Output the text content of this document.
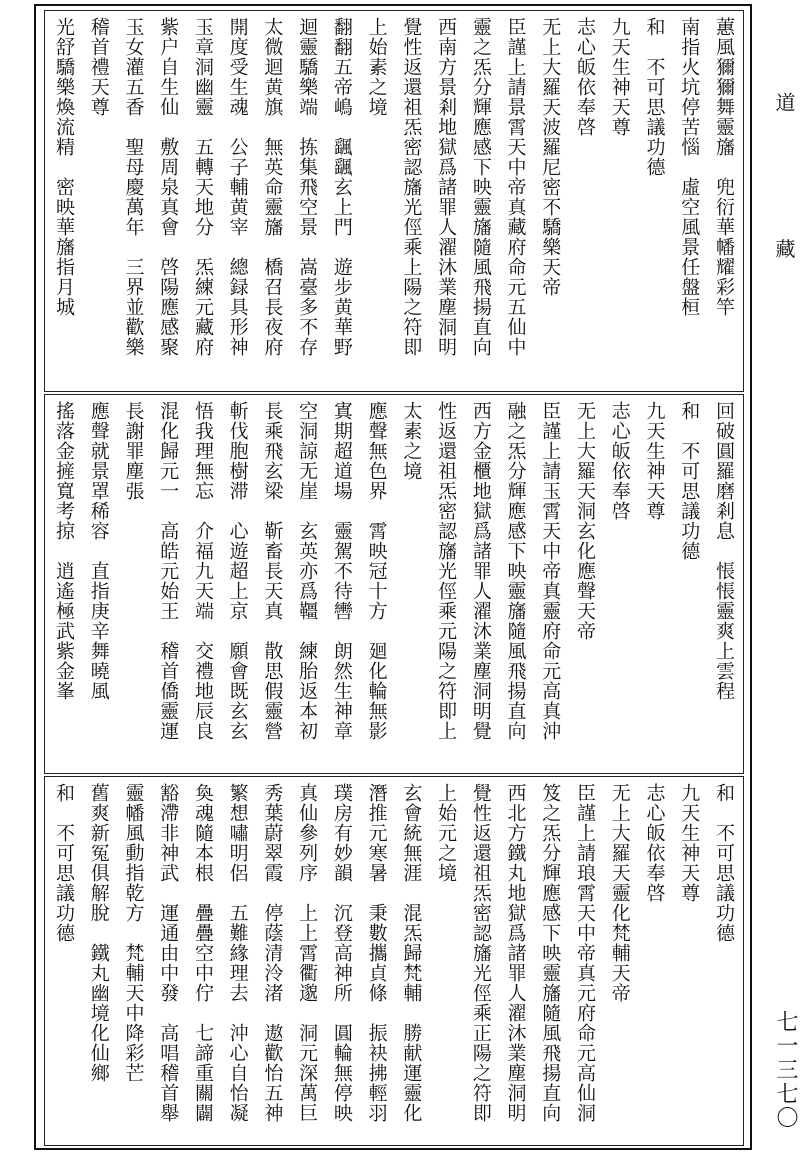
蕙風獮獮舞靈旛　兜衍華幡耀彩竿
南指火坑停苦惱　虛空風景任盤桓
和　不可思議功德
九天生神天尊
志心皈依奉啓
无上大羅天波羅尼密不驕樂天帝
臣謹上請景霄天中帝真藏府命元五仙中
靈之炁分輝應感下映靈旛隨風飛揚直向
西南方景剎地獄爲諸罪人濯沐業塵洞明
覺性返還祖炁密認旛光俓乘上陽之符即
上始素之境
翻翻五帝嶋　颻颻玄上門　遊步黄華野
迴靈驕樂端　拣集飛空景　嵩臺多不存
太微迴黄旗　無英命靈旛　橋召長夜府
開度受生魂　公子輔黄宰　總録具形神
玉章洞幽靈　五轉天地分　炁練元藏府
紫户自生仙　敷周泉真會　啓陽應感聚
玉女灌五香　聖母慶萬年　三界並歡樂
稽首禮天尊
光舒驕樂煥流精　密映華旛指月城
回破圓羅磨剎息　悵悵靈爽上雲程
和　不可思議功德
九天生神天尊
志心皈依奉啓
无上大羅天洞玄化應聲天帝
臣謹上請玉霄天中帝真靈府命元高真沖
融之炁分輝應感下映靈旛隨風飛揚直向
西方金櫃地獄爲諸罪人濯沐業塵洞明覺
性返還祖炁密認旛光俓乘元陽之符即上
太素之境
應聲無色界　霄映冠十方　廻化輪無影
寘期超道場　靈駕不待轡　朗然生神章
空洞諒无崖　玄英亦爲韁　練胎返本初
長乘飛玄梁　靳畜長天真　散思假靈營
斬伐胞樹滞　心遊超上京　願會既玄玄
悟我理無忘　介福九天端　交禮地辰良
混化歸元一　高皓元始王　稽首僑靈運
長謝罪塵張
應聲就景罩稀容　直指庚辛舞曉風
搖落金摌寬考掠　逍遙極武紫金峯
和　不可思議功德
九天生神天尊
志心皈依奉啓
无上大羅天靈化梵輔天帝
臣謹上請琅霄天中帝真元府命元高仙洞
笈之炁分輝應感下映靈旛隨風飛揚直向
西北方鐵丸地獄爲諸罪人濯沐業塵洞明
覺性返還祖炁密認旛光俓乘正陽之符即
上始元之境
玄會統無涯　混炁歸梵輔　勝献運靈化
潛推元寒暑　秉數攜貞條　振袂拂輕羽
璞房有妙韻　沉登高神所　圓輪無停映
真仙參列序　上上霄衢邈　洞元深萬巨
秀葉蔚翠霞　停蔭清泠渚　遨歡怡五神
繁想嘯明侶　五難緣理去　沖心自怡凝
奐魂隨本根　疊疊空中佇　七諦重關闢
豁滯非神武　運通由中發　高唱稽首舉
靈幡風動指乾方　梵輔天中降彩芒
舊爽新冤俱解脫　鐵丸幽境化仙鄉
和　不可思議功德
道 藏
七一三七〇
